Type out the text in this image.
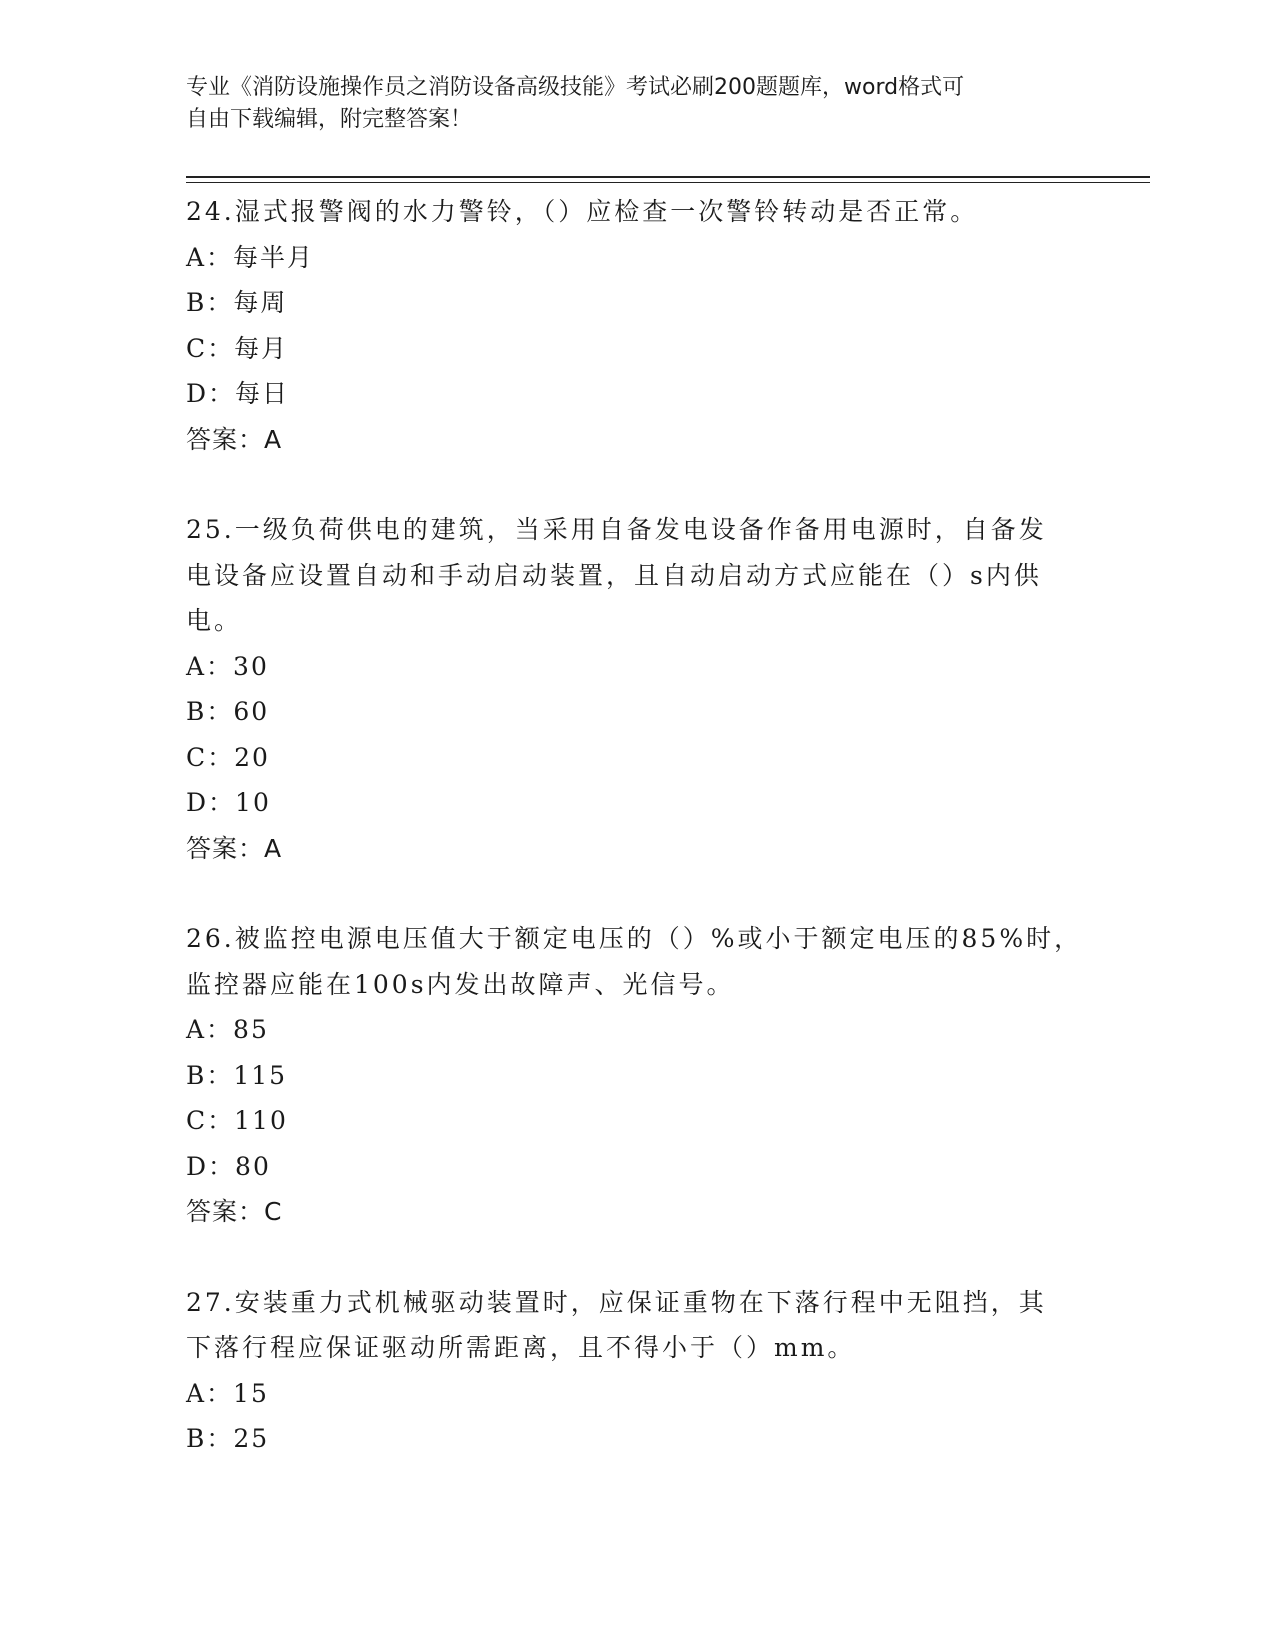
专业《消防设施操作员之消防设备高级技能》考试必刷200题题库，word格式可
自由下载编辑，附完整答案！

24.湿式报警阀的水力警铃，（）应检查一次警铃转动是否正常。

A：每半月

B：每周

C：每月

D：每日

答案：A

25.一级负荷供电的建筑，当采用自备发电设备作备用电源时，自备发

电设备应设置自动和手动启动装置，且自动启动方式应能在（）s内供

电。

A：30

B：60

C：20

D：10

答案：A

26.被监控电源电压值大于额定电压的（）%或小于额定电压的85%时，

监控器应能在100s内发出故障声、光信号。

A：85

B：115

C：110

D：80

答案：C

27.安装重力式机械驱动装置时，应保证重物在下落行程中无阻挡，其

下落行程应保证驱动所需距离，且不得小于（）mm。

A：15

B：25
